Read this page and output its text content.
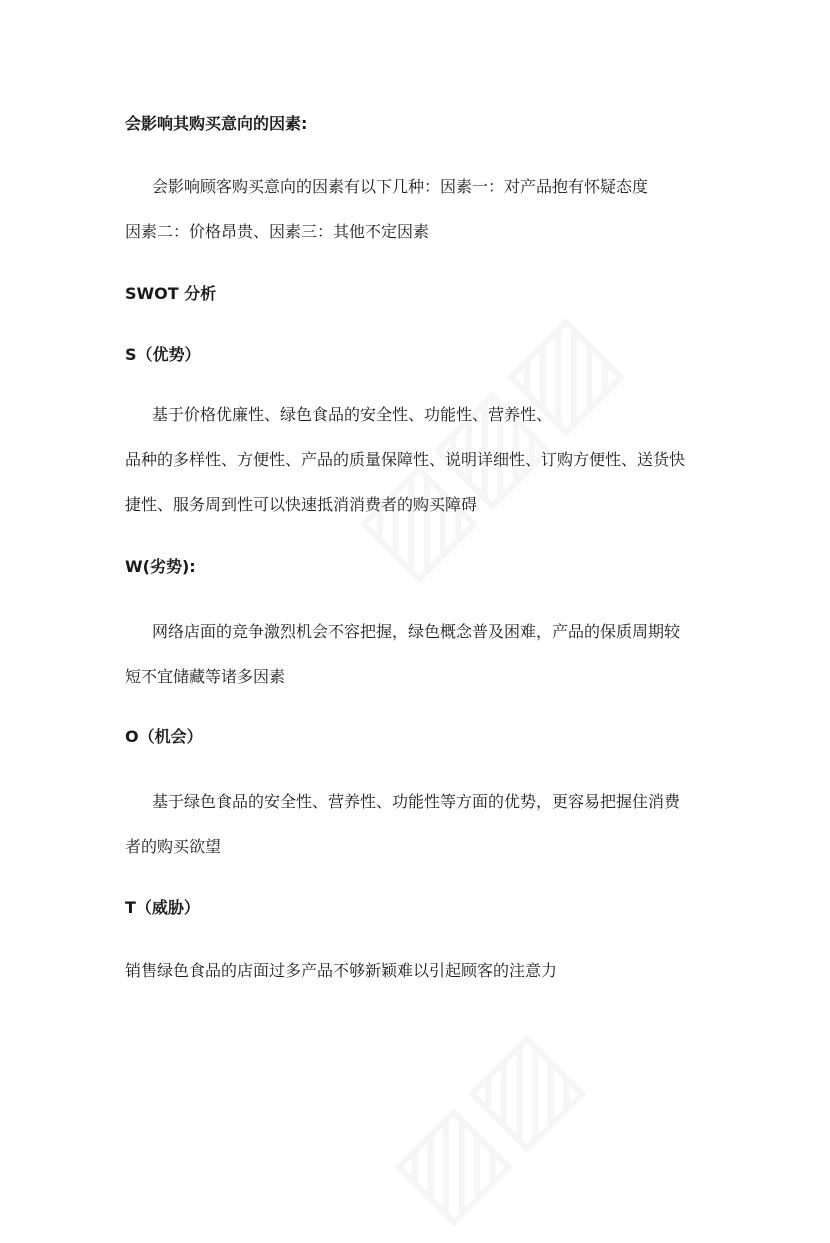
会影响其购买意向的因素:
会影响顾客购买意向的因素有以下几种：因素一：对产品抱有怀疑态度
因素二：价格昂贵、因素三：其他不定因素
SWOT 分析
S（优势）
基于价格优廉性、绿色食品的安全性、功能性、营养性、
品种的多样性、方便性、产品的质量保障性、说明详细性、订购方便性、送货快
捷性、服务周到性可以快速抵消消费者的购买障碍
W(劣势):
网络店面的竞争激烈机会不容把握，绿色概念普及困难，产品的保质周期较
短不宜储藏等诸多因素
O（机会）
基于绿色食品的安全性、营养性、功能性等方面的优势，更容易把握住消费
者的购买欲望
T（威胁）
销售绿色食品的店面过多产品不够新颖难以引起顾客的注意力
